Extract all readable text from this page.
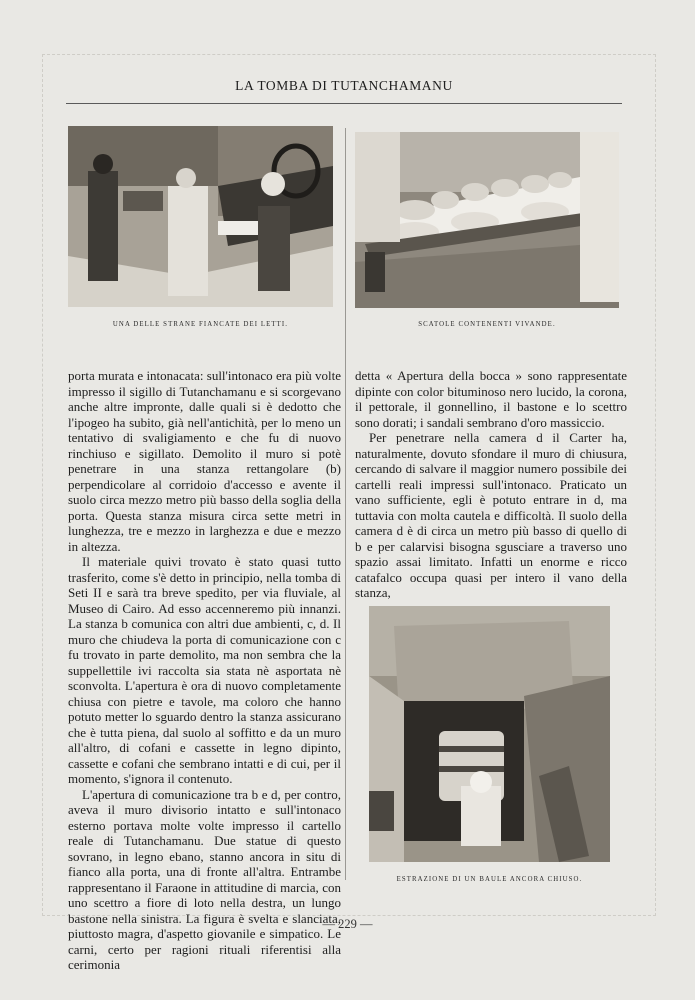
LA TOMBA DI TUTANCHAMANU
UNA DELLE STRANE FIANCATE DEI LETTI.	SCATOLE CONTENENTI VIVANDE.
ESTRAZIONE DI UN BAULE ANCORA CHIUSO.

porta murata e intonacata: sull'intonaco era più volte impresso il sigillo di Tutanchamanu e si scorgevano anche altre impronte, dalle quali si è dedotto che l'ipogeo ha subito, già nell'antichità, per lo meno un tentativo di svaligiamento e che fu di nuovo rinchiuso e sigillato. Demolito il muro si potè penetrare in una stanza rettangolare (b) perpendicolare al corridoio d'accesso e avente il suolo circa mezzo metro più basso della soglia della porta. Questa stanza misura circa sette metri in lunghezza, tre e mezzo in larghezza e due e mezzo in altezza.

Il materiale quivi trovato è stato quasi tutto trasferito, come s'è detto in principio, nella tomba di Seti II e sarà tra breve spedito, per via fluviale, al Museo di Cairo. Ad esso accenneremo più innanzi. La stanza b comunica con altri due ambienti, c, d. Il muro che chiudeva la porta di comunicazione con c fu trovato in parte demolito, ma non sembra che la suppellettile ivi raccolta sia stata nè asportata nè sconvolta. L'apertura è ora di nuovo completamente chiusa con pietre e tavole, ma coloro che hanno potuto metter lo sguardo dentro la stanza assicurano che è tutta piena, dal suolo al soffitto e da un muro all'altro, di cofani e cassette in legno dipinto, cassette e cofani che sembrano intatti e di cui, per il momento, s'ignora il contenuto.

L'apertura di comunicazione tra b e d, per contro, aveva il muro divisorio intatto e sull'intonaco esterno portava molte volte impresso il cartello reale di Tutanchamanu. Due statue di questo sovrano, in legno ebano, stanno ancora in situ di fianco alla porta, una di fronte all'altra. Entrambe rappresentano il Faraone in attitudine di marcia, con uno scettro a fiore di loto nella destra, un lungo bastone nella sinistra. La figura è svelta e slanciata, piuttosto magra, d'aspetto giovanile e simpatico. Le carni, certo per ragioni rituali riferentisi alla cerimonia

detta « Apertura della bocca » sono rappresentate dipinte con color bituminoso nero lucido, la corona, il pettorale, il gonnellino, il bastone e lo scettro sono dorati; i sandali sembrano d'oro massiccio.

Per penetrare nella camera d il Carter ha, naturalmente, dovuto sfondare il muro di chiusura, cercando di salvare il maggior numero possibile dei cartelli reali impressi sull'intonaco. Praticato un vano sufficiente, egli è potuto entrare in d, ma tuttavia con molta cautela e difficoltà. Il suolo della camera d è di circa un metro più basso di quello di b e per calarvisi bisogna sgusciare a traverso uno spazio assai limitato. Infatti un enorme e ricco catafalco occupa quasi per intero il vano della stanza,

— 229 —
